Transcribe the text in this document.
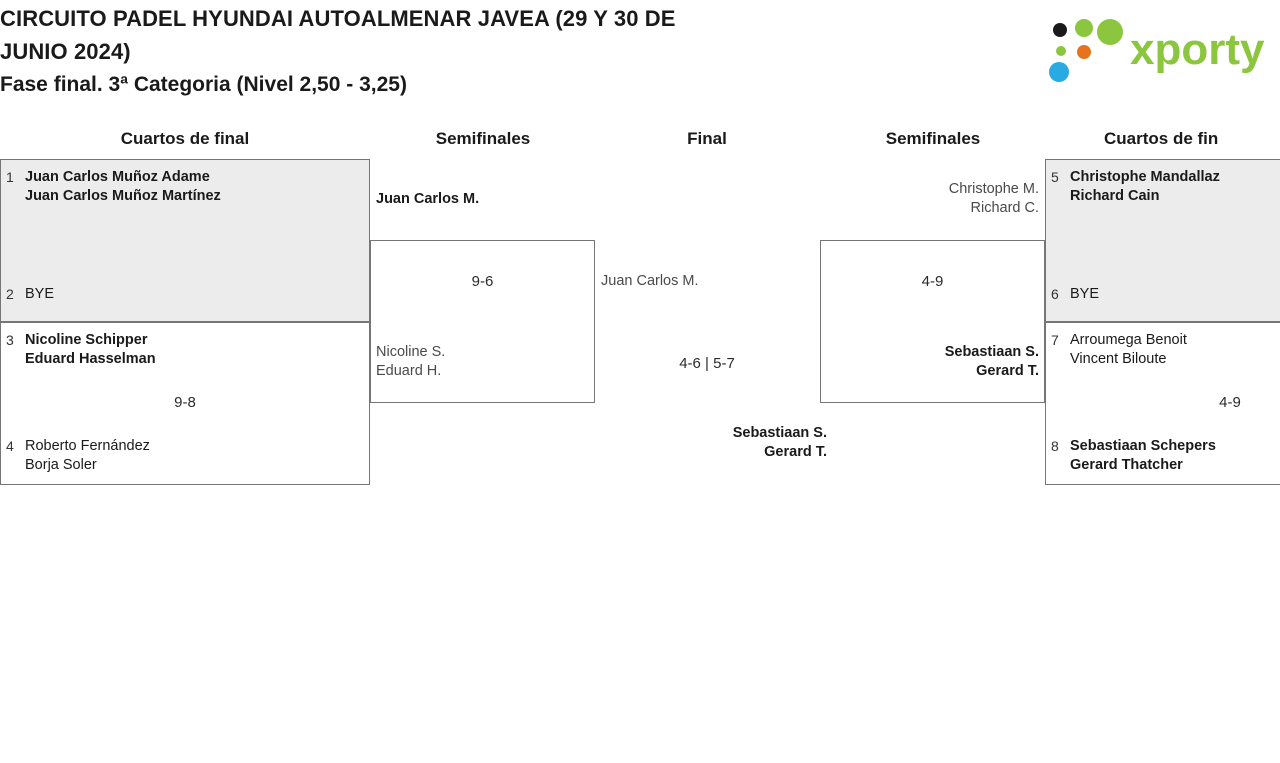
CIRCUITO PADEL HYUNDAI AUTOALMENAR JAVEA (29 Y 30 DE
JUNIO 2024)
Fase final. 3ª Categoria (Nivel 2,50 - 3,25)
xporty
Cuartos de final	Semifinales	Final	Semifinales	Cuartos de fin
1 Juan Carlos Muñoz Adame
Juan Carlos Muñoz Martínez
2 BYE
3 Nicoline Schipper
Eduard Hasselman
9-8
4 Roberto Fernández
Borja Soler
Juan Carlos M.
9-6
Nicoline S.
Eduard H.
Juan Carlos M.
4-6 | 5-7
Sebastiaan S.
Gerard T.
Christophe M.
Richard C.
4-9
Sebastiaan S.
Gerard T.
5 Christophe Mandallaz
Richard Cain
6 BYE
7 Arroumega Benoit
Vincent Biloute
4-9
8 Sebastiaan Schepers
Gerard Thatcher
